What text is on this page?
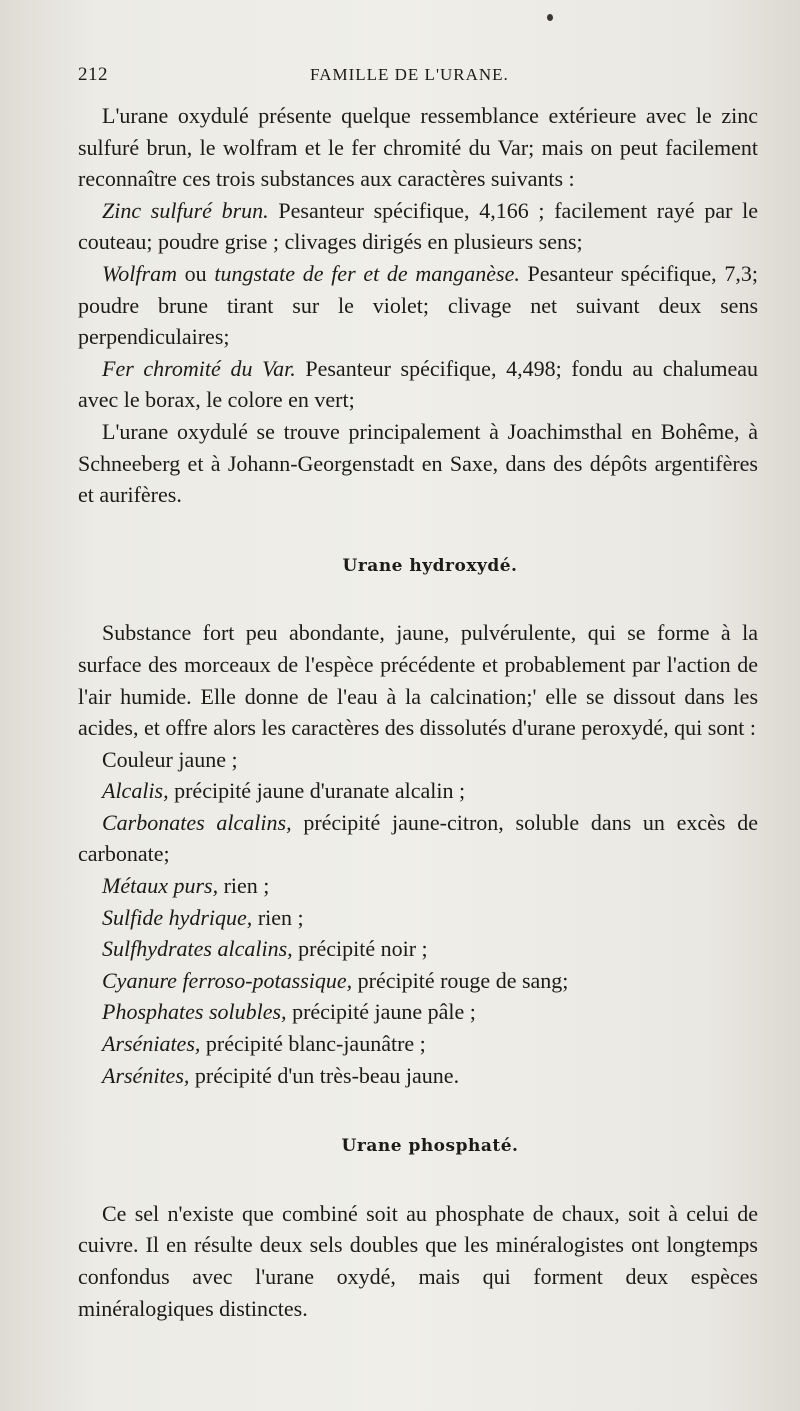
212	FAMILLE DE L'URANE.

L'urane oxydulé présente quelque ressemblance extérieure avec le zinc sulfuré brun, le wolfram et le fer chromité du Var; mais on peut facilement reconnaître ces trois substances aux caractères suivants :

Zinc sulfuré brun. Pesanteur spécifique, 4,166 ; facilement rayé par le couteau; poudre grise ; clivages dirigés en plusieurs sens;

Wolfram ou tungstate de fer et de manganèse. Pesanteur spécifique, 7,3; poudre brune tirant sur le violet; clivage net suivant deux sens perpendiculaires;

Fer chromité du Var. Pesanteur spécifique, 4,498; fondu au chalumeau avec le borax, le colore en vert;

L'urane oxydulé se trouve principalement à Joachimsthal en Bohême, à Schneeberg et à Johann-Georgenstadt en Saxe, dans des dépôts argentifères et aurifères.

Urane hydroxydé.

Substance fort peu abondante, jaune, pulvérulente, qui se forme à la surface des morceaux de l'espèce précédente et probablement par l'action de l'air humide. Elle donne de l'eau à la calcination;' elle se dissout dans les acides, et offre alors les caractères des dissolutés d'urane peroxydé, qui sont :

Couleur jaune ;

Alcalis, précipité jaune d'uranate alcalin ;

Carbonates alcalins, précipité jaune-citron, soluble dans un excès de carbonate;

Métaux purs, rien ;

Sulfide hydrique, rien ;

Sulfhydrates alcalins, précipité noir ;

Cyanure ferroso-potassique, précipité rouge de sang;

Phosphates solubles, précipité jaune pâle ;

Arséniates, précipité blanc-jaunâtre ;

Arsénites, précipité d'un très-beau jaune.

Urane phosphaté.

Ce sel n'existe que combiné soit au phosphate de chaux, soit à celui de cuivre. Il en résulte deux sels doubles que les minéralogistes ont longtemps confondus avec l'urane oxydé, mais qui forment deux espèces minéralogiques distinctes.
